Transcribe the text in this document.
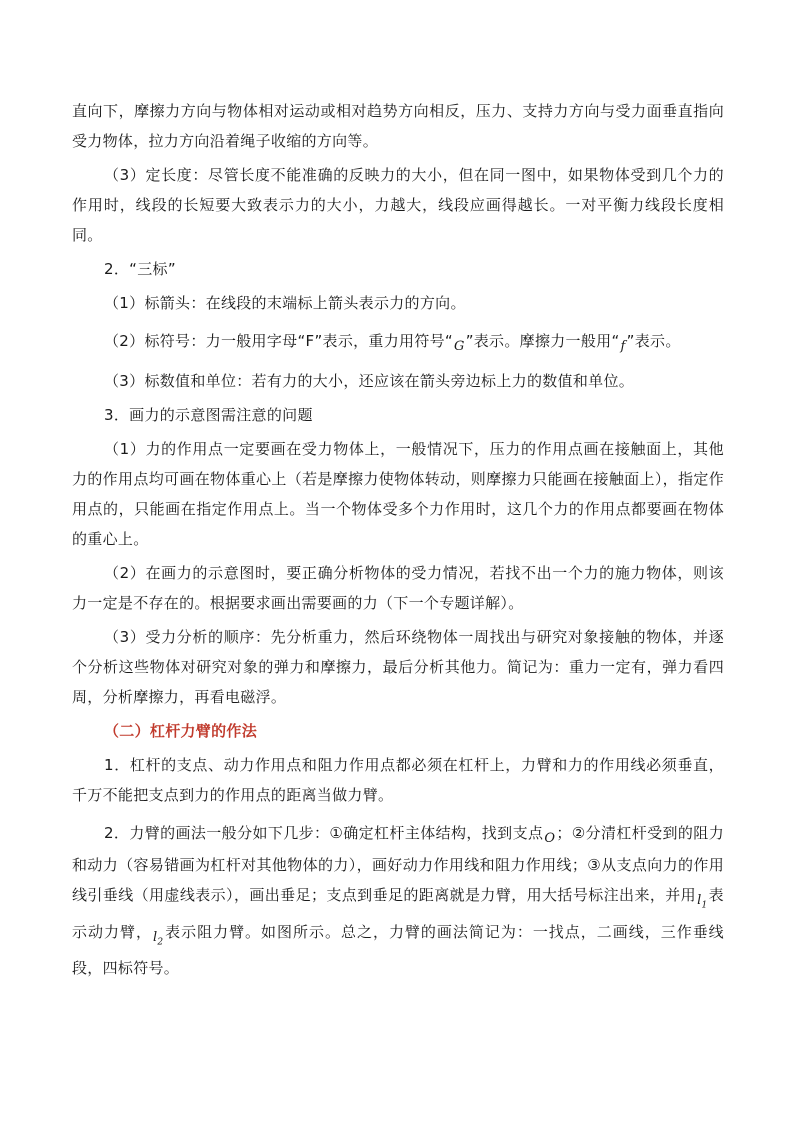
直向下，摩擦力方向与物体相对运动或相对趋势方向相反，压力、支持力方向与受力面垂直指向受力物体，拉力方向沿着绳子收缩的方向等。

（3）定长度：尽管长度不能准确的反映力的大小，但在同一图中，如果物体受到几个力的作用时，线段的长短要大致表示力的大小，力越大，线段应画得越长。一对平衡力线段长度相同。

2．“三标”

（1）标箭头：在线段的末端标上箭头表示力的方向。

（2）标符号：力一般用字母“F”表示，重力用符号“G”表示。摩擦力一般用“f”表示。

（3）标数值和单位：若有力的大小，还应该在箭头旁边标上力的数值和单位。

3．画力的示意图需注意的问题

（1）力的作用点一定要画在受力物体上，一般情况下，压力的作用点画在接触面上，其他力的作用点均可画在物体重心上（若是摩擦力使物体转动，则摩擦力只能画在接触面上），指定作用点的，只能画在指定作用点上。当一个物体受多个力作用时，这几个力的作用点都要画在物体的重心上。

（2）在画力的示意图时，要正确分析物体的受力情况，若找不出一个力的施力物体，则该力一定是不存在的。根据要求画出需要画的力（下一个专题详解）。

（3）受力分析的顺序：先分析重力，然后环绕物体一周找出与研究对象接触的物体，并逐个分析这些物体对研究对象的弹力和摩擦力，最后分析其他力。简记为：重力一定有，弹力看四周，分析摩擦力，再看电磁浮。

（二）杠杆力臂的作法

1．杠杆的支点、动力作用点和阻力作用点都必须在杠杆上，力臂和力的作用线必须垂直，千万不能把支点到力的作用点的距离当做力臂。

2．力臂的画法一般分如下几步：①确定杠杆主体结构，找到支点O；②分清杠杆受到的阻力和动力（容易错画为杠杆对其他物体的力），画好动力作用线和阻力作用线；③从支点向力的作用线引垂线（用虚线表示），画出垂足；支点到垂足的距离就是力臂，用大括号标注出来，并用$l_1$表示动力臂，$l_2$表示阻力臂。如图所示。总之，力臂的画法简记为：一找点，二画线，三作垂线段，四标符号。
